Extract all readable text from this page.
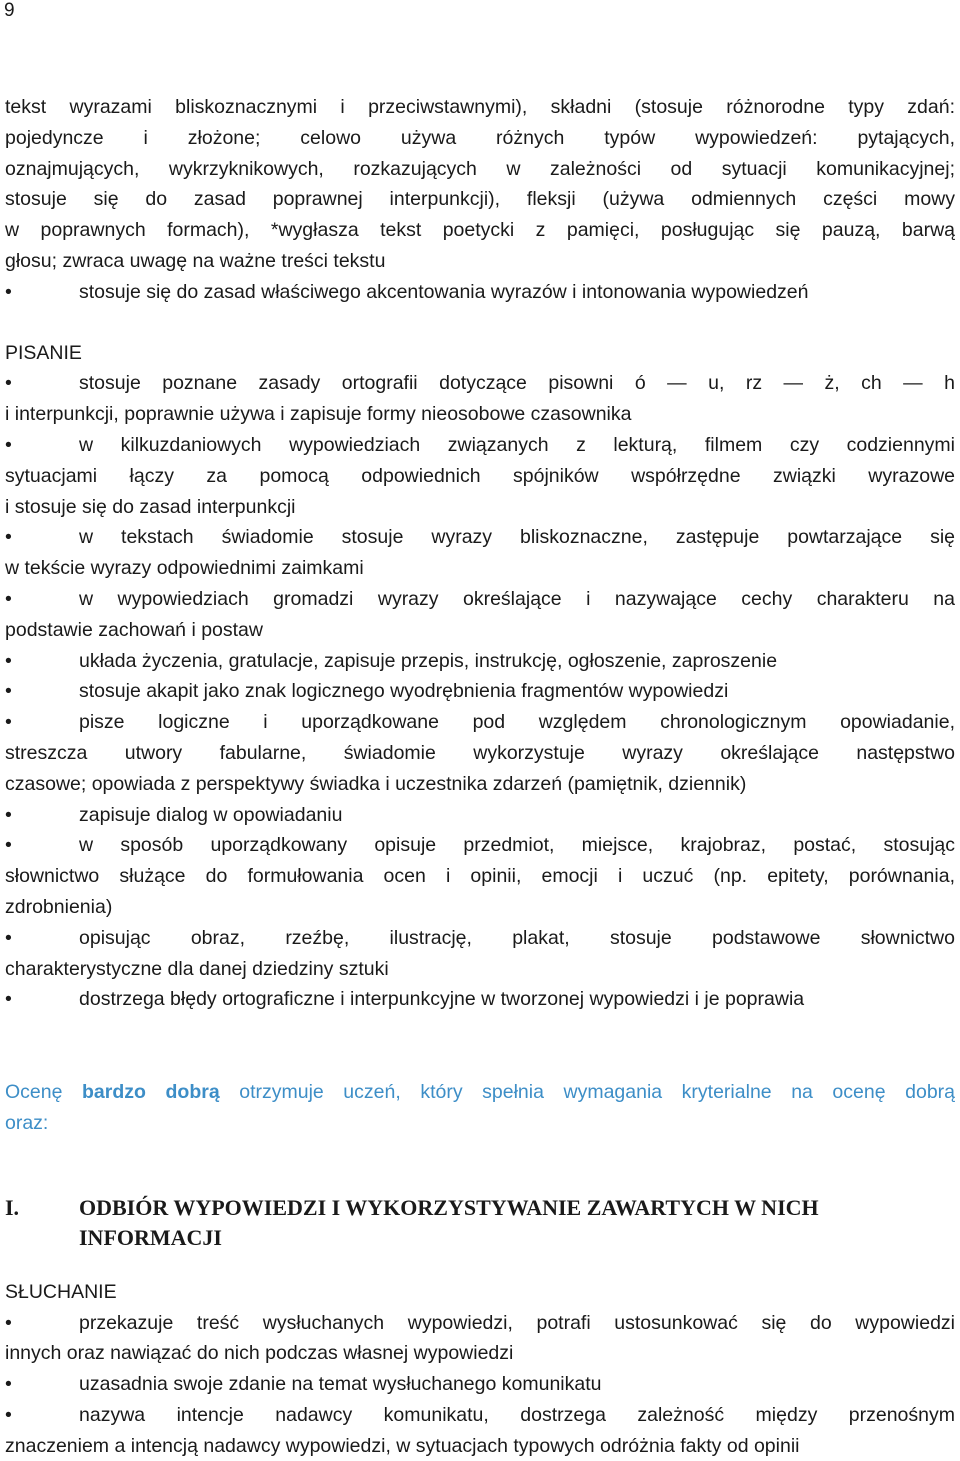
9
tekst wyrazami bliskoznacznymi i przeciwstawnymi), składni (stosuje różnorodne typy zdań:
pojedyncze i złożone; celowo używa różnych typów wypowiedzeń: pytających,
oznajmujących, wykrzyknikowych, rozkazujących w zależności od sytuacji komunikacyjnej;
stosuje się do zasad poprawnej interpunkcji), fleksji (używa odmiennych części mowy
w poprawnych formach), *wygłasza tekst poetycki z pamięci, posługując się pauzą, barwą
głosu; zwraca uwagę na ważne treści tekstu
•	stosuje się do zasad właściwego akcentowania wyrazów i intonowania wypowiedzeń
PISANIE
•	stosuje poznane zasady ortografii dotyczące pisowni ó — u, rz — ż, ch — h
i interpunkcji, poprawnie używa i zapisuje formy nieosobowe czasownika
•	w kilkuzdaniowych wypowiedziach związanych z lekturą, filmem czy codziennymi
sytuacjami łączy za pomocą odpowiednich spójników współrzędne związki wyrazowe
i stosuje się do zasad interpunkcji
•	w tekstach świadomie stosuje wyrazy bliskoznaczne, zastępuje powtarzające się
w tekście wyrazy odpowiednimi zaimkami
•	w wypowiedziach gromadzi wyrazy określające i nazywające cechy charakteru na
podstawie zachowań i postaw
•	układa życzenia, gratulacje, zapisuje przepis, instrukcję, ogłoszenie, zaproszenie
•	stosuje akapit jako znak logicznego wyodrębnienia fragmentów wypowiedzi
•	pisze logiczne i uporządkowane pod względem chronologicznym opowiadanie,
streszcza utwory fabularne, świadomie wykorzystuje wyrazy określające następstwo
czasowe; opowiada z perspektywy świadka i uczestnika zdarzeń (pamiętnik, dziennik)
•	zapisuje dialog w opowiadaniu
•	w sposób uporządkowany opisuje przedmiot, miejsce, krajobraz, postać, stosując
słownictwo służące do formułowania ocen i opinii, emocji i uczuć (np. epitety, porównania,
zdrobnienia)
•	opisując obraz, rzeźbę, ilustrację, plakat, stosuje podstawowe słownictwo
charakterystyczne dla danej dziedziny sztuki
•	dostrzega błędy ortograficzne i interpunkcyjne w tworzonej wypowiedzi i je poprawia
Ocenę bardzo dobrą otrzymuje uczeń, który spełnia wymagania kryterialne na ocenę dobrą
oraz:
I.	ODBIÓR WYPOWIEDZI I WYKORZYSTYWANIE ZAWARTYCH W NICH
INFORMACJI
SŁUCHANIE
•	przekazuje treść wysłuchanych wypowiedzi, potrafi ustosunkować się do wypowiedzi
innych oraz nawiązać do nich podczas własnej wypowiedzi
•	uzasadnia swoje zdanie na temat wysłuchanego komunikatu
•	nazywa intencje nadawcy komunikatu, dostrzega zależność między przenośnym
znaczeniem a intencją nadawcy wypowiedzi, w sytuacjach typowych odróżnia fakty od opinii
